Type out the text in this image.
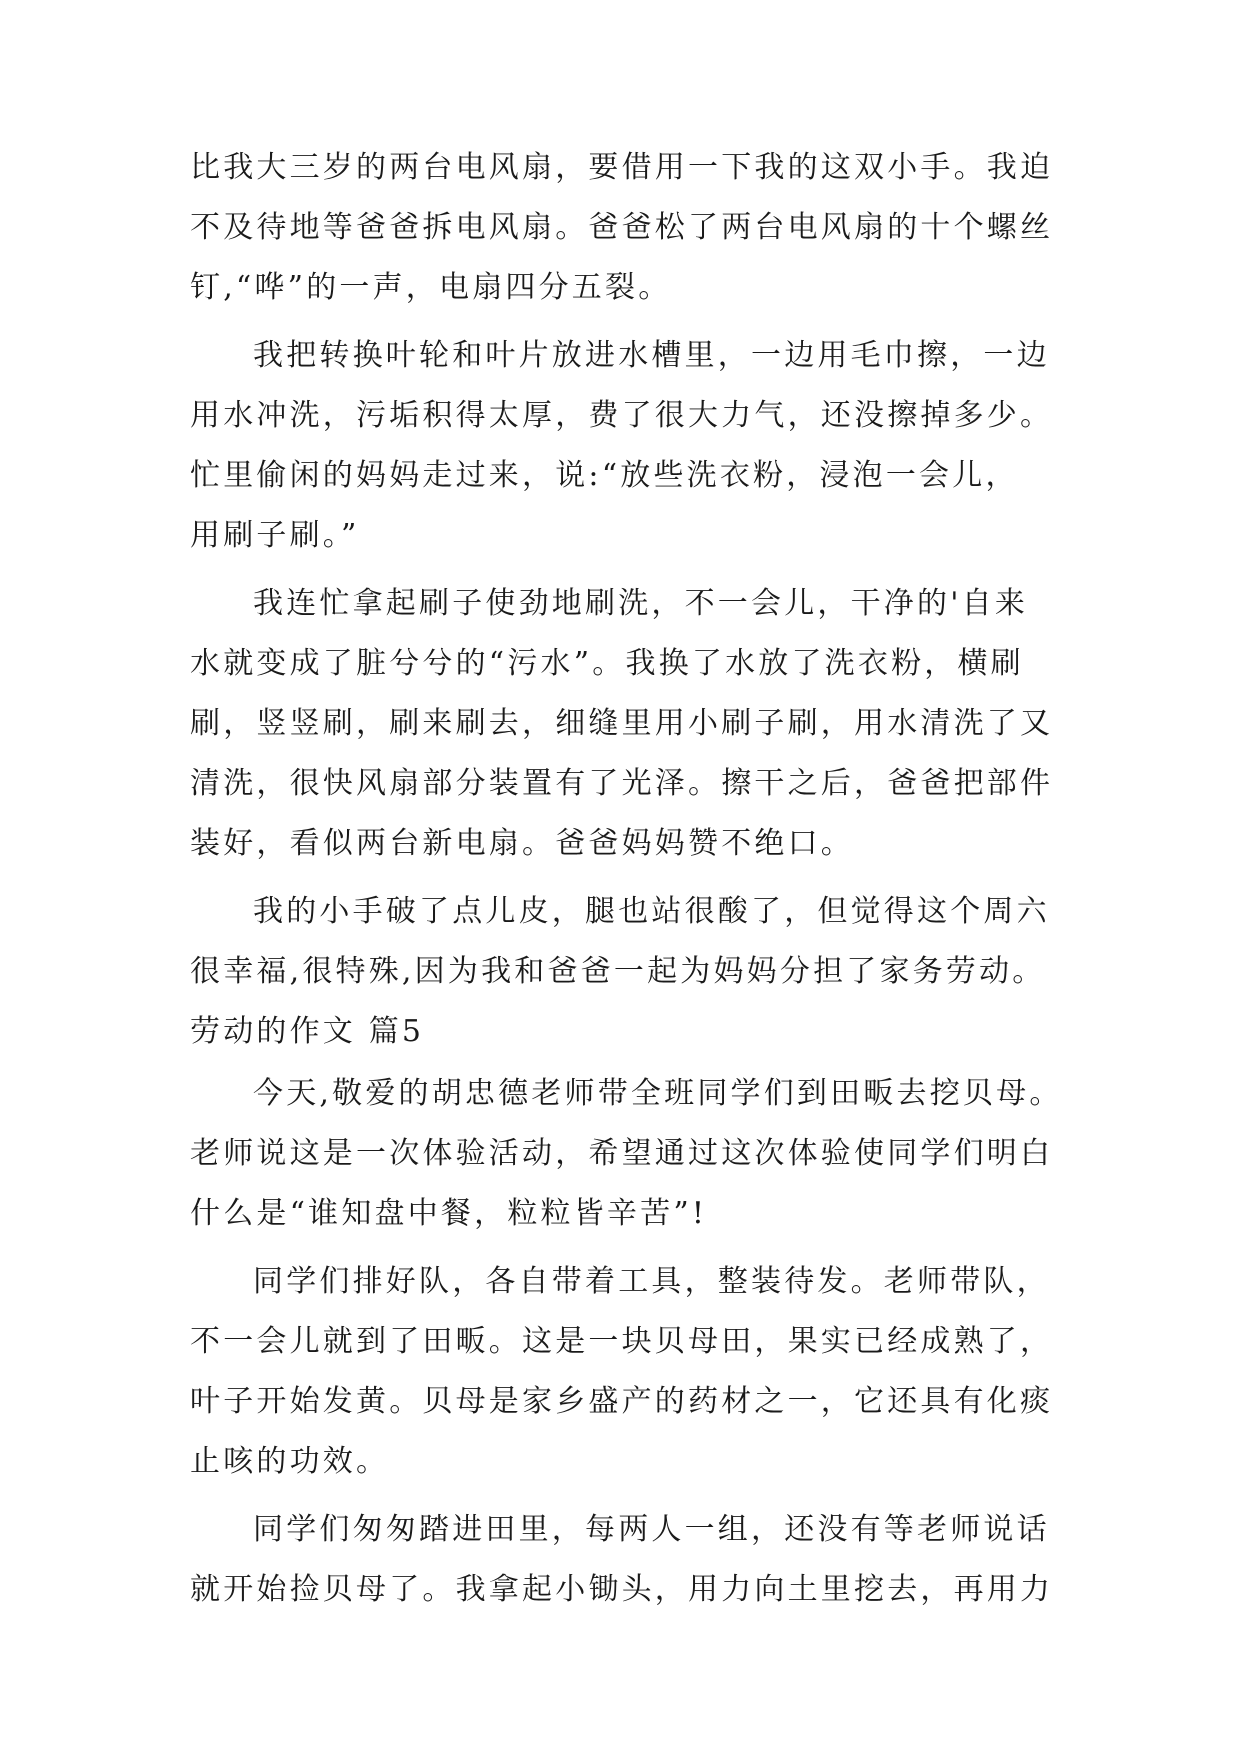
比我大三岁的两台电风扇，要借用一下我的这双小手。我迫
不及待地等爸爸拆电风扇。爸爸松了两台电风扇的十个螺丝
钉,“哗”的一声，电扇四分五裂。
我把转换叶轮和叶片放进水槽里，一边用毛巾擦，一边
用水冲洗，污垢积得太厚，费了很大力气，还没擦掉多少。
忙里偷闲的妈妈走过来，说:“放些洗衣粉，浸泡一会儿，
用刷子刷。”
我连忙拿起刷子使劲地刷洗，不一会儿，干净的'自来
水就变成了脏兮兮的“污水”。我换了水放了洗衣粉，横刷
刷，竖竖刷，刷来刷去，细缝里用小刷子刷，用水清洗了又
清洗，很快风扇部分装置有了光泽。擦干之后，爸爸把部件
装好，看似两台新电扇。爸爸妈妈赞不绝口。
我的小手破了点儿皮，腿也站很酸了，但觉得这个周六
很幸福,很特殊,因为我和爸爸一起为妈妈分担了家务劳动。
劳动的作文 篇5
今天,敬爱的胡忠德老师带全班同学们到田畈去挖贝母。
老师说这是一次体验活动，希望通过这次体验使同学们明白
什么是“谁知盘中餐，粒粒皆辛苦”!
同学们排好队，各自带着工具，整装待发。老师带队，
不一会儿就到了田畈。这是一块贝母田，果实已经成熟了，
叶子开始发黄。贝母是家乡盛产的药材之一，它还具有化痰
止咳的功效。
同学们匆匆踏进田里，每两人一组，还没有等老师说话
就开始捡贝母了。我拿起小锄头，用力向土里挖去，再用力
